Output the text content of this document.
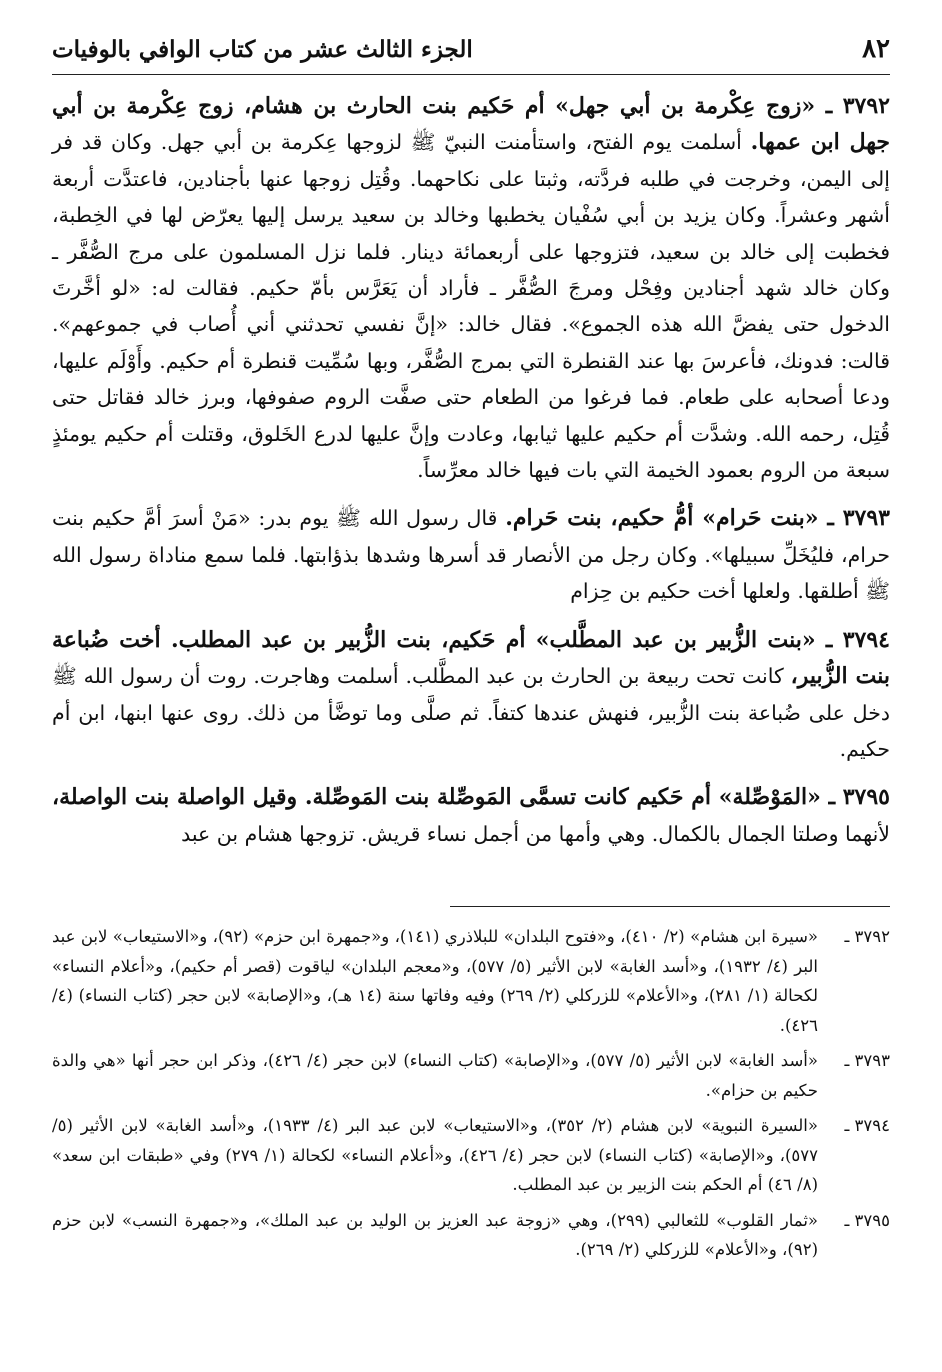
٨٢
الجزء الثالث عشر من كتاب الوافي بالوفيات

٣٧٩٢ ـ «زوج عِكْرمة بن أبي جهل» أم حَكيم بنت الحارث بن هشام، زوج عِكْرمة بن أبي جهل ابن عمها. أسلمت يوم الفتح، واستأمنت النبيّ ﷺ لزوجها عِكرمة بن أبي جهل. وكان قد فر إلى اليمن، وخرجت في طلبه فردَّته، وثبتا على نكاحهما. وقُتِل زوجها عنها بأجنادين، فاعتدَّت أربعة أشهر وعشراً. وكان يزيد بن أبي سُفْيان يخطبها وخالد بن سعيد يرسل إليها يعرّض لها في الخِطبة، فخطبت إلى خالد بن سعيد، فتزوجها على أربعمائة دينار. فلما نزل المسلمون على مرج الصُّفَّر ـ وكان خالد شهد أجنادين وفِحْل ومرجَ الصُّفَّر ـ فأراد أن يَعَرَّس بأمّ حكيم. فقالت له: «لو أخَّرتَ الدخول حتى يفضَّ الله هذه الجموع». فقال خالد: «إنَّ نفسي تحدثني أني أُصاب في جموعهم». قالت: فدونك، فأعرسَ بها عند القنطرة التي بمرج الصُّفَّر، وبها سُمِّيت قنطرة أم حكيم. وأَوْلَم عليها، ودعا أصحابه على طعام. فما فرغوا من الطعام حتى صفَّت الروم صفوفها، وبرز خالد فقاتل حتى قُتِل، رحمه الله. وشدَّت أم حكيم عليها ثيابها، وعادت وإنَّ عليها لدرع الخَلوق، وقتلت أم حكيم يومئذٍ سبعة من الروم بعمود الخيمة التي بات فيها خالد معرِّساً.

٣٧٩٣ ـ «بنت حَرام» أمُّ حكيم، بنت حَرام. قال رسول الله ﷺ يوم بدر: «مَنْ أسرَ أمَّ حكيم بنت حرام، فليُخَلِّ سبيلها». وكان رجل من الأنصار قد أسرها وشدها بذؤابتها. فلما سمع مناداة رسول الله ﷺ أطلقها. ولعلها أخت حكيم بن حِزام

٣٧٩٤ ـ «بنت الزُّبير بن عبد المطَّلب» أم حَكيم، بنت الزُّبير بن عبد المطلب. أخت ضُباعة بنت الزُّبير، كانت تحت ربيعة بن الحارث بن عبد المطَّلب. أسلمت وهاجرت. روت أن رسول الله ﷺ دخل على ضُباعة بنت الزُّبير، فنهش عندها كتفاً. ثم صلَّى وما توضَّأ من ذلك. روى عنها ابنها، ابن أم حكيم.

٣٧٩٥ ـ «المَوْصِّلة» أم حَكيم كانت تسمَّى المَوصِّلة بنت المَوصِّلة. وقيل الواصلة بنت الواصلة، لأنهما وصلتا الجمال بالكمال. وهي وأمها من أجمل نساء قريش. تزوجها هشام بن عبد

٣٧٩٢ ـ
«سيرة ابن هشام» (٢/ ٤١٠)، و«فتوح البلدان» للبلاذري (١٤١)، و«جمهرة ابن حزم» (٩٢)، و«الاستيعاب» لابن عبد البر (٤/ ١٩٣٢)، و«أسد الغابة» لابن الأثير (٥/ ٥٧٧)، و«معجم البلدان» لياقوت (قصر أم حكيم)، و«أعلام النساء» لكحالة (١/ ٢٨١)، و«الأعلام» للزركلي (٢/ ٢٦٩) وفيه وفاتها سنة (١٤ هـ)، و«الإصابة» لابن حجر (كتاب النساء) (٤/ ٤٢٦).
٣٧٩٣ ـ
«أسد الغابة» لابن الأثير (٥/ ٥٧٧)، و«الإصابة» (كتاب النساء) لابن حجر (٤/ ٤٢٦)، وذكر ابن حجر أنها «هي والدة حكيم بن حزام».
٣٧٩٤ ـ
«السيرة النبوية» لابن هشام (٢/ ٣٥٢)، و«الاستيعاب» لابن عبد البر (٤/ ١٩٣٣)، و«أسد الغابة» لابن الأثير (٥/ ٥٧٧)، و«الإصابة» (كتاب النساء) لابن حجر (٤/ ٤٢٦)، و«أعلام النساء» لكحالة (١/ ٢٧٩) وفي «طبقات ابن سعد» (٨/ ٤٦) أم الحكم بنت الزبير بن عبد المطلب.
٣٧٩٥ ـ
«ثمار القلوب» للثعالبي (٢٩٩)، وهي «زوجة عبد العزيز بن الوليد بن عبد الملك»، و«جمهرة النسب» لابن حزم (٩٢)، و«الأعلام» للزركلي (٢/ ٢٦٩).
